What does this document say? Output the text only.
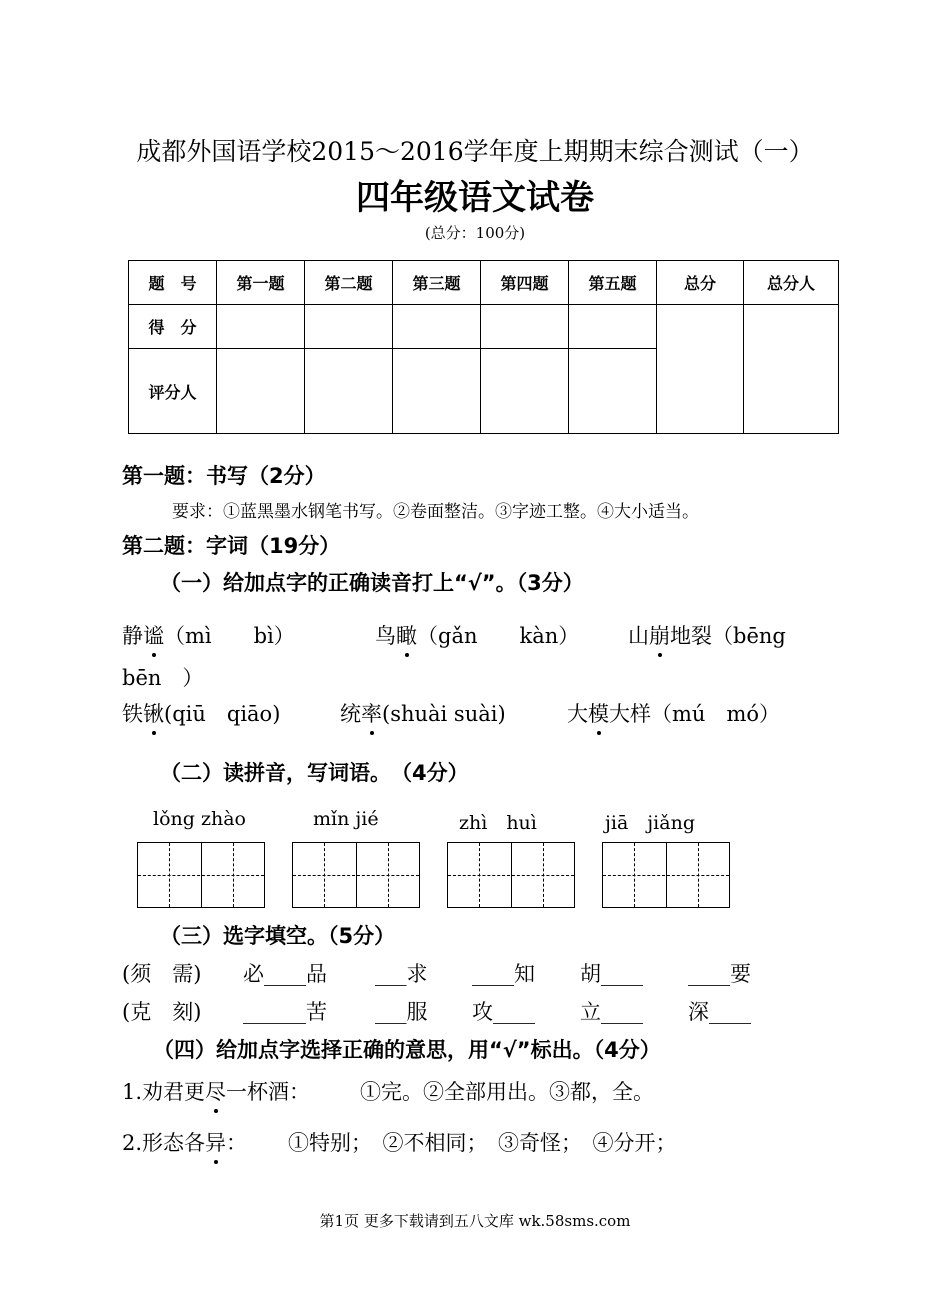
成都外国语学校2015～2016学年度上期期末综合测试（一）
四年级语文试卷
(总分：100分)
题　号	第一题	第二题	第三题	第四题	第五题	总分	总分人
得　分							
评分人							
第一题：书写（2分）
要求：①蓝黑墨水钢笔书写。②卷面整洁。③字迹工整。④大小适当。
第二题：字词（19分）
（一）给加点字的正确读音打上“√”。（3分）
静谧（mì　　bì）	鸟瞰（gǎn　　kàn） 山崩地裂（bēng
bēn　）
铁锹(qiū　qiāo)	统率(shuài suài)	大模大样（mú　mó）
（二）读拼音，写词语。　（4分）
lǒng zhào	mǐn jié	zhì　huì	jiā　jiǎng
（三）选字填空。（5分）
(须　需) 必____品 ___求 ____知 胡____ ____要
(克　刻) ______苦 ___服 攻____ 立____ 深____
（四）给加点字选择正确的意思，用“√”标出。（4分）
1.劝君更尽一杯酒： ①完。②全部用出。③都，全。
2.形态各异： ①特别；　②不相同；　③奇怪；　④分开；
第1页 更多下载请到五八文库 wk.58sms.com
